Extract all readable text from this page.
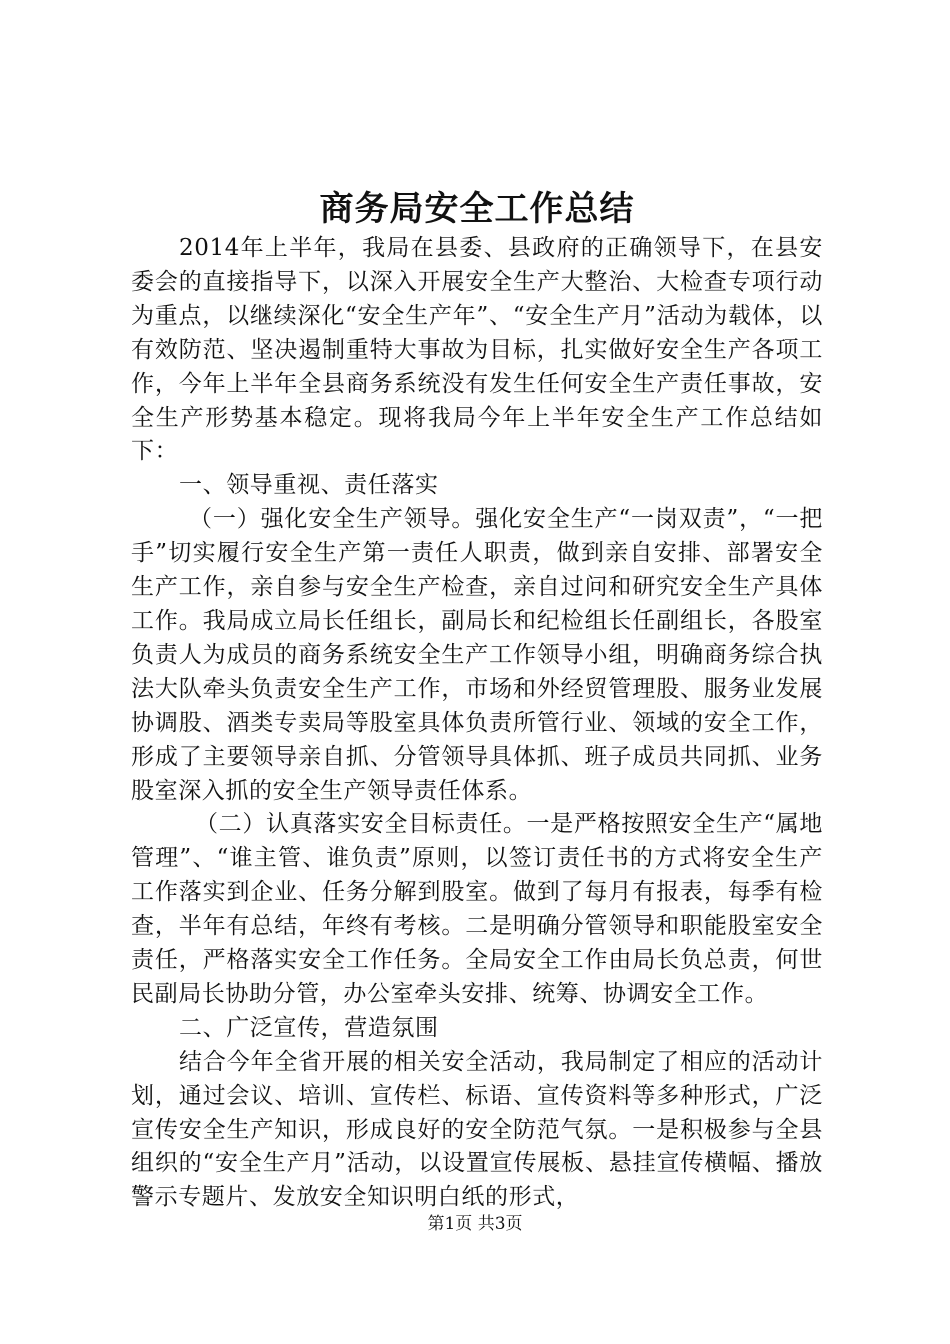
商务局安全工作总结

2014年上半年，我局在县委、县政府的正确领导下，在县安委会的直接指导下，以深入开展安全生产大整治、大检查专项行动为重点，以继续深化“安全生产年”、“安全生产月”活动为载体，以有效防范、坚决遏制重特大事故为目标，扎实做好安全生产各项工作，今年上半年全县商务系统没有发生任何安全生产责任事故，安全生产形势基本稳定。现将我局今年上半年安全生产工作总结如下：

一、领导重视、责任落实

（一）强化安全生产领导。强化安全生产“一岗双责”，“一把手”切实履行安全生产第一责任人职责，做到亲自安排、部署安全生产工作，亲自参与安全生产检查，亲自过问和研究安全生产具体工作。我局成立局长任组长，副局长和纪检组长任副组长，各股室负责人为成员的商务系统安全生产工作领导小组，明确商务综合执法大队牵头负责安全生产工作，市场和外经贸管理股、服务业发展协调股、酒类专卖局等股室具体负责所管行业、领域的安全工作，形成了主要领导亲自抓、分管领导具体抓、班子成员共同抓、业务股室深入抓的安全生产领导责任体系。

（二）认真落实安全目标责任。一是严格按照安全生产“属地管理”、“谁主管、谁负责”原则，以签订责任书的方式将安全生产工作落实到企业、任务分解到股室。做到了每月有报表，每季有检查，半年有总结，年终有考核。二是明确分管领导和职能股室安全责任，严格落实安全工作任务。全局安全工作由局长负总责，何世民副局长协助分管，办公室牵头安排、统筹、协调安全工作。

二、广泛宣传，营造氛围

结合今年全省开展的相关安全活动，我局制定了相应的活动计划，通过会议、培训、宣传栏、标语、宣传资料等多种形式，广泛宣传安全生产知识，形成良好的安全防范气氛。一是积极参与全县组织的“安全生产月”活动，以设置宣传展板、悬挂宣传横幅、播放警示专题片、发放安全知识明白纸的形式，

第1页 共3页
